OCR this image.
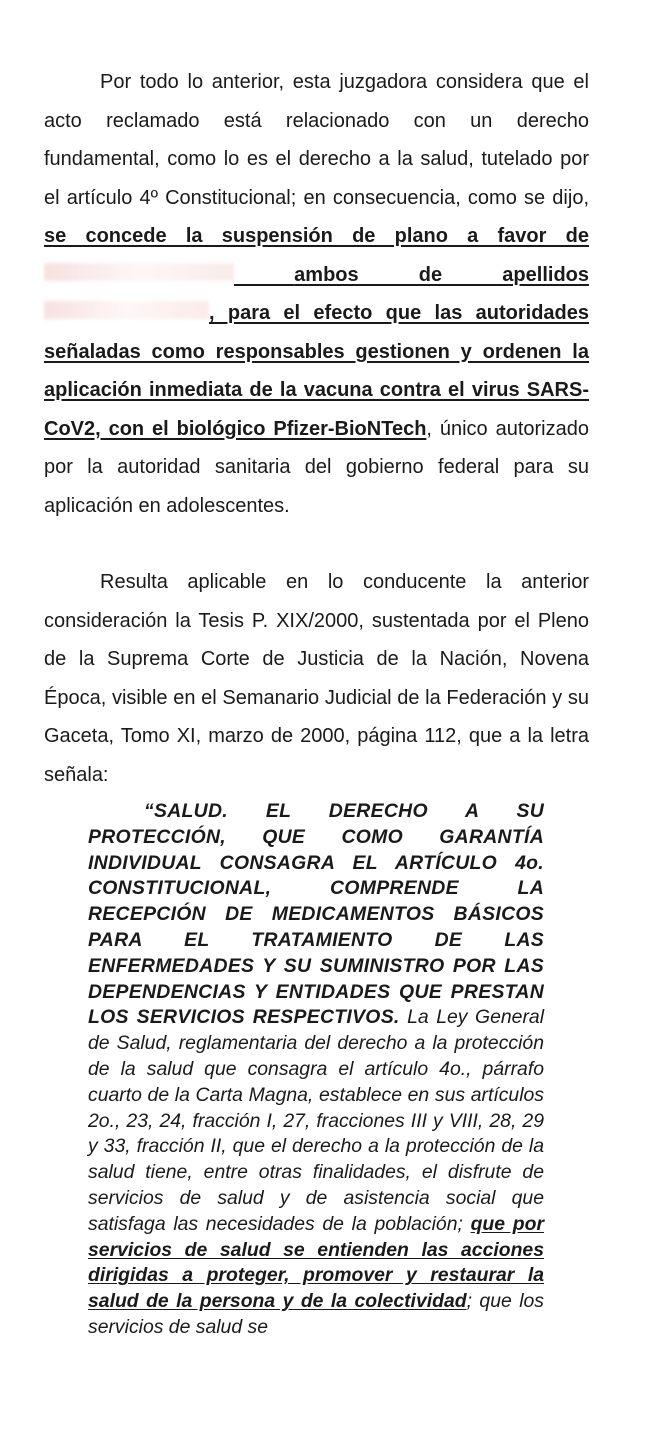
Por todo lo anterior, esta juzgadora considera que el acto reclamado está relacionado con un derecho fundamental, como lo es el derecho a la salud, tutelado por el artículo 4º Constitucional; en consecuencia, como se dijo, se concede la suspensión de plano a favor de  ambos de apellidos , para el efecto que las autoridades señaladas como responsables gestionen y ordenen la aplicación inmediata de la vacuna contra el virus SARS-CoV2, con el biológico Pfizer-BioNTech, único autorizado por la autoridad sanitaria del gobierno federal para su aplicación en adolescentes.

Resulta aplicable en lo conducente la anterior consideración la Tesis P. XIX/2000, sustentada por el Pleno de la Suprema Corte de Justicia de la Nación, Novena Época, visible en el Semanario Judicial de la Federación y su Gaceta, Tomo XI, marzo de 2000, página 112, que a la letra señala:

“SALUD. EL DERECHO A SU PROTECCIÓN, QUE COMO GARANTÍA INDIVIDUAL CONSAGRA EL ARTÍCULO 4o. CONSTITUCIONAL, COMPRENDE LA RECEPCIÓN DE MEDICAMENTOS BÁSICOS PARA EL TRATAMIENTO DE LAS ENFERMEDADES Y SU SUMINISTRO POR LAS DEPENDENCIAS Y ENTIDADES QUE PRESTAN LOS SERVICIOS RESPECTIVOS. La Ley General de Salud, reglamentaria del derecho a la protección de la salud que consagra el artículo 4o., párrafo cuarto de la Carta Magna, establece en sus artículos 2o., 23, 24, fracción I, 27, fracciones III y VIII, 28, 29 y 33, fracción II, que el derecho a la protección de la salud tiene, entre otras finalidades, el disfrute de servicios de salud y de asistencia social que satisfaga las necesidades de la población; que por servicios de salud se entienden las acciones dirigidas a proteger, promover y restaurar la salud de la persona y de la colectividad; que los servicios de salud se
